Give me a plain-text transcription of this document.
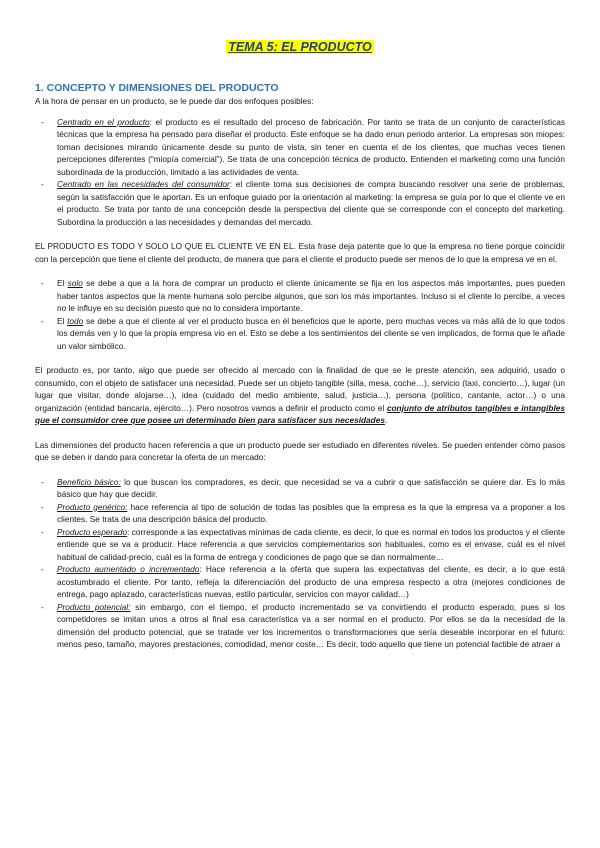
TEMA 5: EL PRODUCTO
1. CONCEPTO Y DIMENSIONES DEL PRODUCTO

A la hora de pensar en un producto, se le puede dar dos enfoques posibles:

- Centrado en el producto: el producto es el resultado del proceso de fabricación. Por tanto se trata de un conjunto de características técnicas que la empresa ha pensado para diseñar el producto. Este enfoque se ha dado enun periodo anterior. La empresas son miopes: toman decisiones mirando únicamente desde su punto de vista, sin tener en cuenta el de los clientes, que muchas veces tienen percepciones diferentes (“miopía comercial”). Se trata de una concepción técnica de producto. Entienden el marketing como una función subordinada de la producción, limitado a las actividades de venta.
- Centrado en las necesidades del consumidor: el cliente toma sus decisiones de compra buscando resolver una serie de problemas, según la satisfacción que le aportan. Es un enfoque guiado por la orientación al marketing: la empresa se guía por lo que el cliente ve en el producto. Se trata por tanto de una concepción desde la perspectiva del cliente que se corresponde con el concepto del marketing. Subordina la producción a las necesidades y demandas del mercado.

EL PRODUCTO ES TODO Y SOLO LO QUE EL CLIENTE VE EN EL. Esta frase deja patente que lo que la empresa no tiene porque coincidir con la percepción que tiene el cliente del producto, de manera que para el cliente el producto puede ser menos de lo que la empresa ve en el.

- El solo se debe a que a la hora de comprar un producto el cliente únicamente se fija en los aspectos más importantes, pues pueden haber tantos aspectos que la mente humana solo percibe algunos, que son los más importantes. Incluso si el cliente lo percibe, a veces no le influye en su decisión puesto que no lo considera importante.
- El todo se debe a que el cliente al ver el producto busca en él beneficios que le aporte, pero muchas veces va más allá de lo que todos los demás ven y lo que la propia empresa vio en el. Esto se debe a los sentimientos del cliente se ven implicados, de forma que le añade un valor simbólico.

El producto es, por tanto, algo que puede ser ofrecido al mercado con la finalidad de que se le preste atención, sea adquirió, usado o consumido, con el objeto de satisfacer una necesidad. Puede ser un objeto tangible (silla, mesa, coche…), servicio (taxi, concierto…), lugar (un lugar que visitar, donde alojarse…), idea (cuidado del medio ambiente, salud, justicia…), persona (político, cantante, actor…) o una organización (entidad bancaria, ejército…). Pero nosotros vamos a definir el producto como el conjunto de atributos tangibles e intangibles que el consumidor cree que posee un determinado bien para satisfacer sus necesidades.

Las dimensiones del producto hacen referencia a que un producto puede ser estudiado en diferentes niveles. Se pueden entender cómo pasos que se deben ir dando para concretar la oferta de un mercado:

- Beneficio básico: lo que buscan los compradores, es decir, que necesidad se va a cubrir o que satisfacción se quiere dar. Es lo más básico que hay que decidir.
- Producto genérico: hace referencia al tipo de solución de todas las posibles que la empresa es la que la empresa va a proponer a los clientes. Se trata de una descripción básica del producto.
- Producto esperado: corresponde a las expectativas mínimas de cada cliente, es decir, lo que es normal en todos los productos y el cliente entiende que se va a producir. Hace referencia a que servicios complementarios son habituales, como es el envase, cuál es el nivel habitual de calidad-precio, cuál es la forma de entrega y condiciones de pago que se dan normalmente…
- Producto aumentado o incrementado: Hace referencia a la oferta que supera las expectativas del cliente, es decir, a lo que está acostumbrado el cliente. Por tanto, refleja la diferenciación del producto de una empresa respecto a otra (mejores condiciones de entrega, pago aplazado, características nuevas, estilo particular, servicios con mayor calidad…)
- Producto potencial: sin embargo, con el tiempo, el producto incrementado se va convirtiendo el producto esperado, pues si los competidores se imitan unos a otros al final esa característica va a ser normal en el producto. Por ellos se da la necesidad de la dimensión del producto potencial, que se tratade ver los incrementos o transformaciones que sería deseable incorporar en el futuro: menos peso, tamaño, mayores prestaciones, comodidad, menor coste… Es decir, todo aquello que tiene un potencial factible de atraer a
